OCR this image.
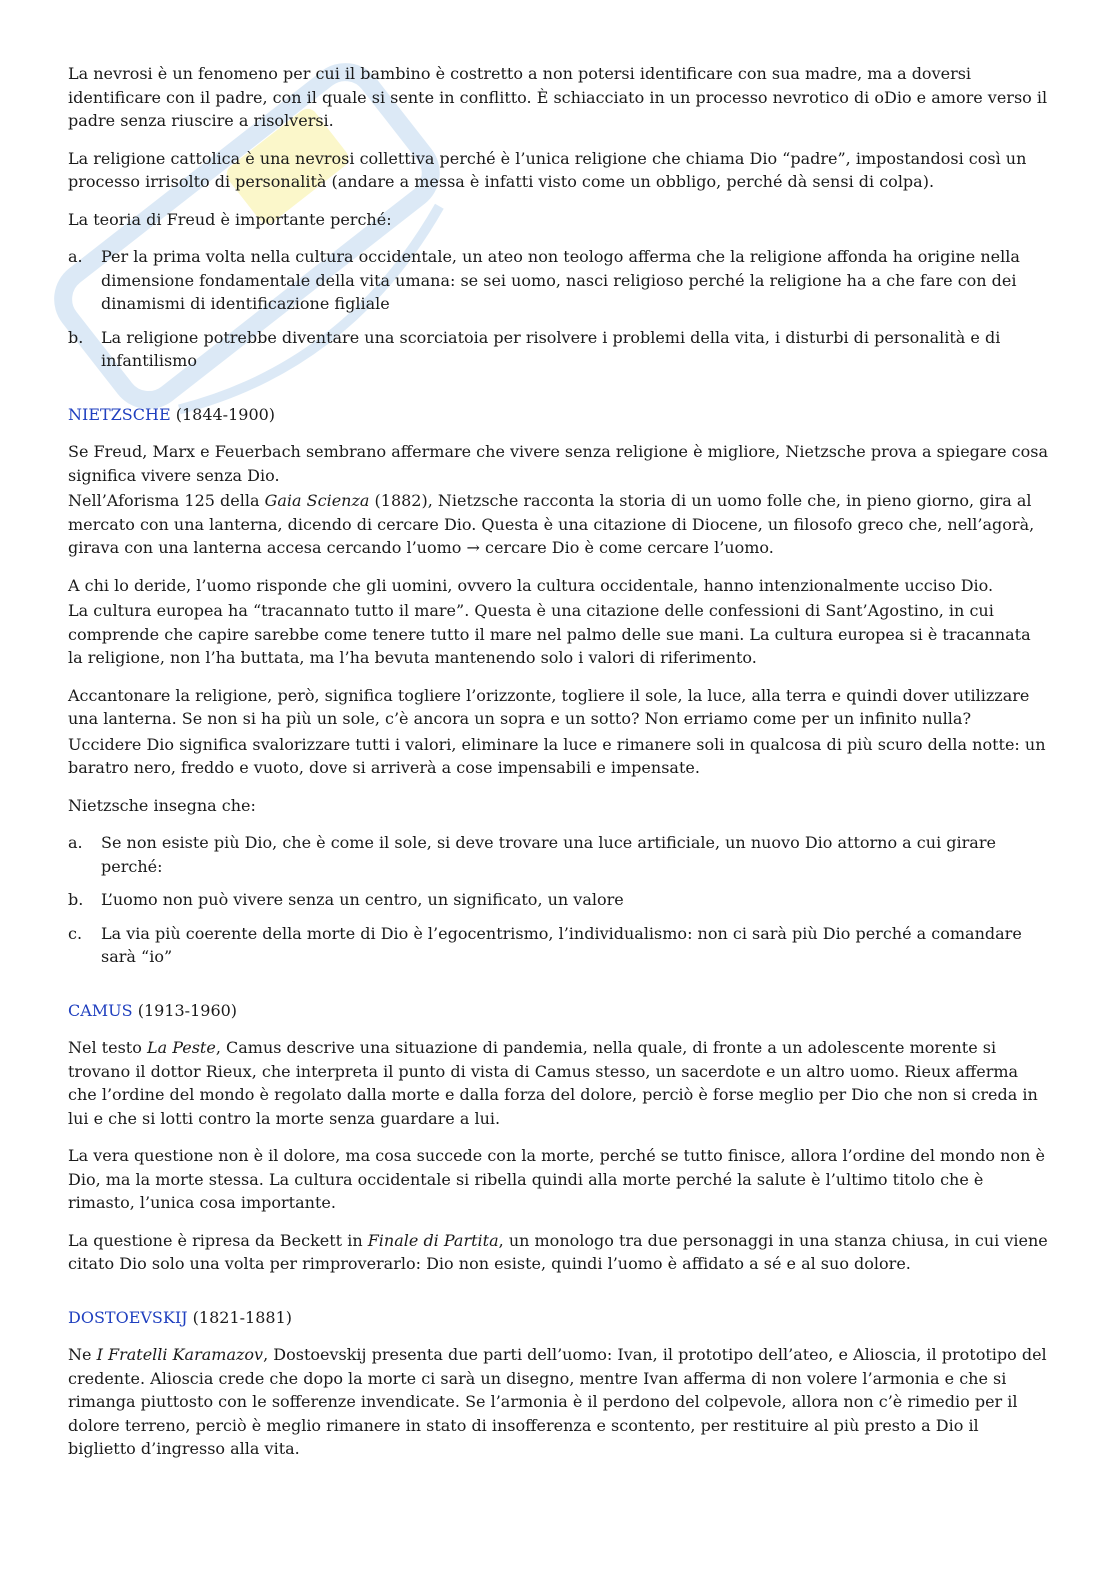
La nevrosi è un fenomeno per cui il bambino è costretto a non potersi identificare con sua madre, ma a doversi identificare con il padre, con il quale si sente in conflitto. È schiacciato in un processo nevrotico di oDio e amore verso il padre senza riuscire a risolversi.

La religione cattolica è una nevrosi collettiva perché è l’unica religione che chiama Dio “padre”, impostandosi così un processo irrisolto di personalità (andare a messa è infatti visto come un obbligo, perché dà sensi di colpa).

La teoria di Freud è importante perché:

a. Per la prima volta nella cultura occidentale, un ateo non teologo afferma che la religione affonda ha origine nella dimensione fondamentale della vita umana: se sei uomo, nasci religioso perché la religione ha a che fare con dei dinamismi di identificazione figliale
b. La religione potrebbe diventare una scorciatoia per risolvere i problemi della vita, i disturbi di personalità e di infantilismo
NIETZSCHE (1844-1900)

Se Freud, Marx e Feuerbach sembrano affermare che vivere senza religione è migliore, Nietzsche prova a spiegare cosa significa vivere senza Dio.

Nell’Aforisma 125 della Gaia Scienza (1882), Nietzsche racconta la storia di un uomo folle che, in pieno giorno, gira al mercato con una lanterna, dicendo di cercare Dio. Questa è una citazione di Diocene, un filosofo greco che, nell’agorà, girava con una lanterna accesa cercando l’uomo → cercare Dio è come cercare l’uomo.

A chi lo deride, l’uomo risponde che gli uomini, ovvero la cultura occidentale, hanno intenzionalmente ucciso Dio.

La cultura europea ha “tracannato tutto il mare”. Questa è una citazione delle confessioni di Sant’Agostino, in cui comprende che capire sarebbe come tenere tutto il mare nel palmo delle sue mani. La cultura europea si è tracannata la religione, non l’ha buttata, ma l’ha bevuta mantenendo solo i valori di riferimento.

Accantonare la religione, però, significa togliere l’orizzonte, togliere il sole, la luce, alla terra e quindi dover utilizzare una lanterna. Se non si ha più un sole, c’è ancora un sopra e un sotto? Non erriamo come per un infinito nulla?

Uccidere Dio significa svalorizzare tutti i valori, eliminare la luce e rimanere soli in qualcosa di più scuro della notte: un baratro nero, freddo e vuoto, dove si arriverà a cose impensabili e impensate.

Nietzsche insegna che:

a. Se non esiste più Dio, che è come il sole, si deve trovare una luce artificiale, un nuovo Dio attorno a cui girare perché:
b. L’uomo non può vivere senza un centro, un significato, un valore
c. La via più coerente della morte di Dio è l’egocentrismo, l’individualismo: non ci sarà più Dio perché a comandare sarà “io”
CAMUS (1913-1960)

Nel testo La Peste, Camus descrive una situazione di pandemia, nella quale, di fronte a un adolescente morente si trovano il dottor Rieux, che interpreta il punto di vista di Camus stesso, un sacerdote e un altro uomo. Rieux afferma che l’ordine del mondo è regolato dalla morte e dalla forza del dolore, perciò è forse meglio per Dio che non si creda in lui e che si lotti contro la morte senza guardare a lui.

La vera questione non è il dolore, ma cosa succede con la morte, perché se tutto finisce, allora l’ordine del mondo non è Dio, ma la morte stessa. La cultura occidentale si ribella quindi alla morte perché la salute è l’ultimo titolo che è rimasto, l’unica cosa importante.

La questione è ripresa da Beckett in Finale di Partita, un monologo tra due personaggi in una stanza chiusa, in cui viene citato Dio solo una volta per rimproverarlo: Dio non esiste, quindi l’uomo è affidato a sé e al suo dolore.

DOSTOEVSKIJ (1821-1881)

Ne I Fratelli Karamazov, Dostoevskij presenta due parti dell’uomo: Ivan, il prototipo dell’ateo, e Alioscia, il prototipo del credente. Alioscia crede che dopo la morte ci sarà un disegno, mentre Ivan afferma di non volere l’armonia e che si rimanga piuttosto con le sofferenze invendicate. Se l’armonia è il perdono del colpevole, allora non c’è rimedio per il dolore terreno, perciò è meglio rimanere in stato di insofferenza e scontento, per restituire al più presto a Dio il biglietto d’ingresso alla vita.
